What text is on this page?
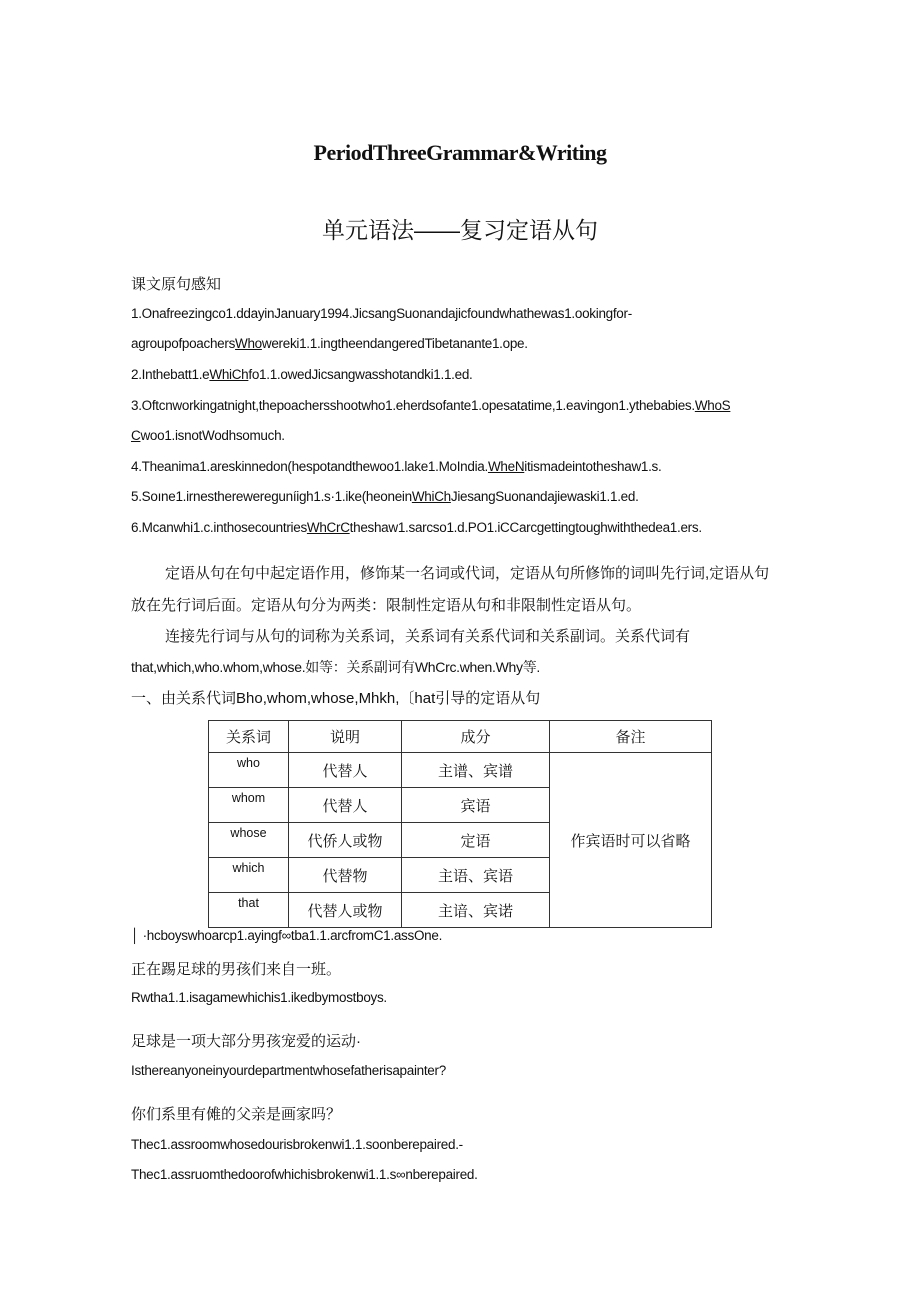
PeriodThreeGrammar&Writing
单元语法——复习定语从句
课文原句感知
1.Onafreezingco1.ddayinJanuary1994.JicsangSuonandajicfoundwhathewas1.ookingfor-
agroupofpoachersWhowereki1.1.ingtheendangeredTibetanante1.ope.
2.Inthebatt1.eWhiChfo1.1.owedJicsangwasshotandki1.1.ed.
3.Oftcnworkingatnight,thepoachersshootwho1.eherdsofante1.opesatatime,1.eavingon1.ythebabies.WhoS
Cwoo1.isnotWodhsomuch.
4.Theanima1.areskinnedon(hespotandthewoo1.lake1.MoIndia.WheNitismadeintotheshaw1.s.
5.Soıne1.irnestherewereguníigh1.s·1.ike(heoneinWhiChJiesangSuonandajiewaski1.1.ed.
6.Mcanwhi1.c.inthosecountriesWhCrCtheshaw1.sarcso1.d.PO1.iCCarcgettingtoughwiththedea1.ers.
定语从句在句中起定语作用，修饰某一名词或代词，定语从句所修饰的词叫先行词,定语从句
放在先行词后面。定语从句分为两类：限制性定语从句和非限制性定语从句。
连接先行词与从句的词称为关系词，关系词有关系代词和关系副词。关系代词有
that,which,who.whom,whose.如等：关系副诃有WhCrc.when.Why等.
一、由关系代词Bho,whom,whose,Mhkh,〔hat引导的定语从句
关系词	说明	成分	备注
who	代替人	主谱、宾谱	作宾语时可以省略
whom	代替人	宾语	
whose	代侨人或物	定语	
which	代替物	主语、宾语	
that	代替人或物	主谙、宾诺	
│ ·hcboyswhoarcp1.ayingf∞tba1.1.arcfromC1.assOne.
正在踢足球的男孩们来自一班。
Rwtha1.1.isagamewhichis1.ikedbymostboys.
足球是一项大部分男孩宠爱的运动·
Isthereanyoneinyourdepartmentwhosefatherisapainter?
你们系里有傩的父亲是画家吗？
Thec1.assroomwhosedourisbrokenwi1.1.soonberepaired.-
Thec1.assruomthedoorofwhichisbrokenwi1.1.s∞nberepaired.
